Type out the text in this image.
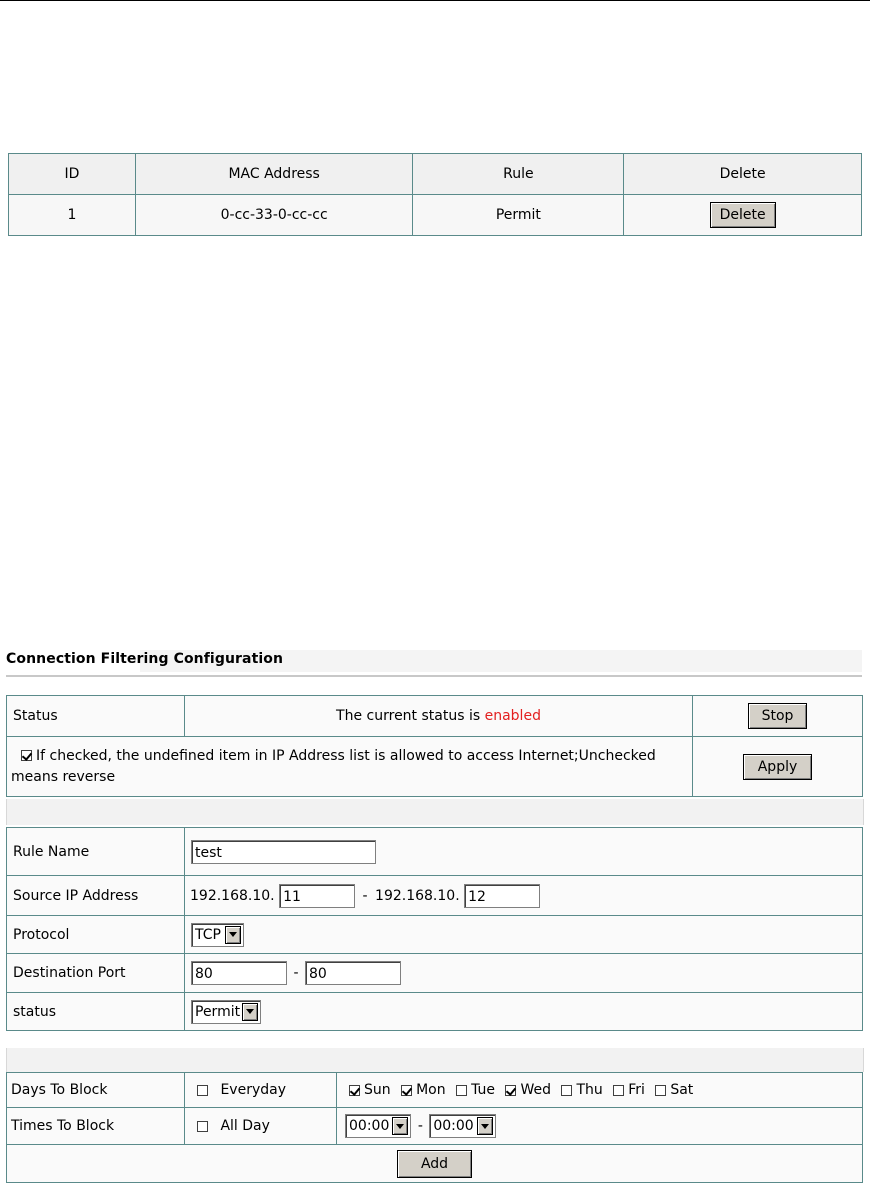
ID	MAC Address	Rule	Delete
1	0-cc-33-0-cc-cc	Permit	Delete
Connection Filtering Configuration
Status	The current status is enabled	Stop
If checked, the undefined item in IP Address list is allowed to access Internet;Unchecked means reverse		Apply
Rule Name	test
Source IP Address	192.168.10. 11 - 192.168.10. 12
Protocol	TCP

Destination Port	80 - 80
status	Permit
Days To Block	Everyday	Sun Mon Tue Wed Thu Fri Sat
Times To Block	All Day	00:00 - 00:00

Add		
